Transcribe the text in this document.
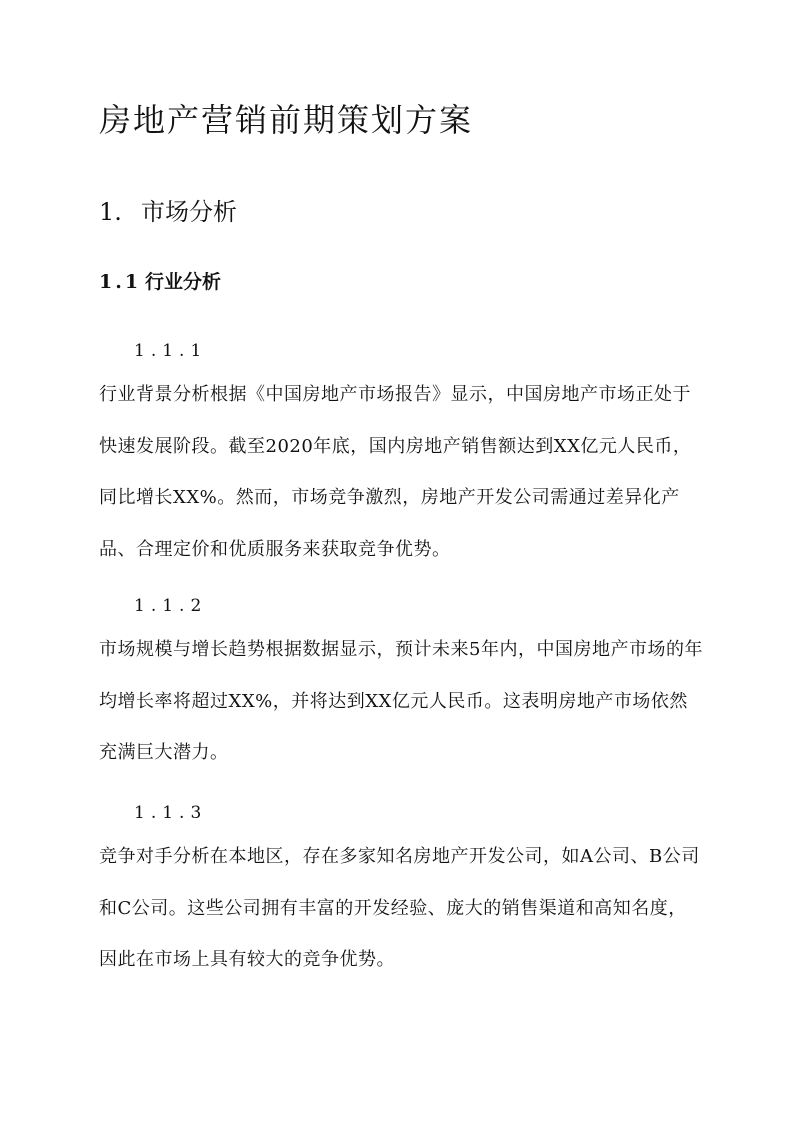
房地产营销前期策划方案
1. 市场分析
1.1 行业分析
1.1.1

行业背景分析根据《中国房地产市场报告》显示，中国房地产市场正处于快速发展阶段。截至2020年底，国内房地产销售额达到XX亿元人民币，同比增长XX%。然而，市场竞争激烈，房地产开发公司需通过差异化产品、合理定价和优质服务来获取竞争优势。

1.1.2

市场规模与增长趋势根据数据显示，预计未来5年内，中国房地产市场的年均增长率将超过XX%，并将达到XX亿元人民币。这表明房地产市场依然充满巨大潜力。

1.1.3

竞争对手分析在本地区，存在多家知名房地产开发公司，如A公司、B公司和C公司。这些公司拥有丰富的开发经验、庞大的销售渠道和高知名度，因此在市场上具有较大的竞争优势。
